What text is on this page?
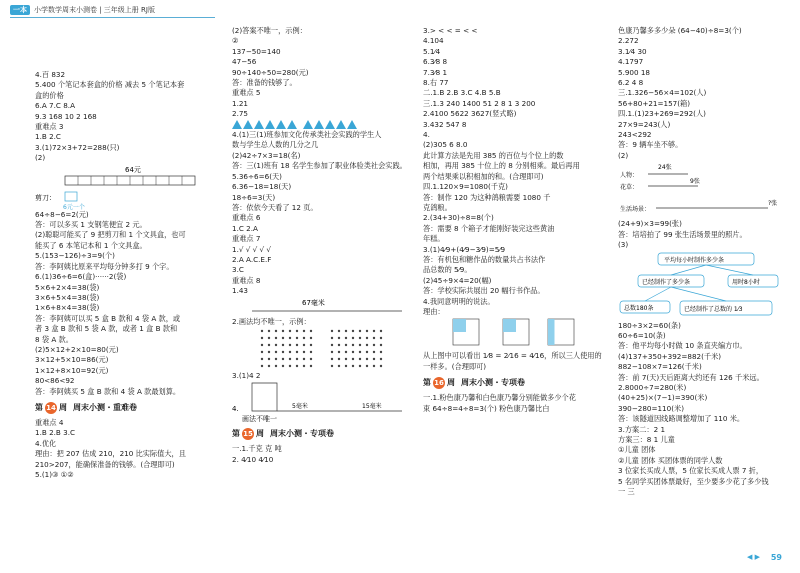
一本	小学数学周末小测卷 | 三年级上册 RJ版
4.百 832
5.400 个笔记本套盒的价格 减去 5 个笔记本套
盒的价格
6.A 7.C 8.A
9.3 168 10 2 168
重难点 3
1.B 2.C
3.(1)72×3+72=288(只)
(2)
64元
剪刀：
6元一个
64÷8−6=2(元)
答：可以多买 1 支钢笔便宜 2 元。
(2)聪聪可能买了 9 把剪刀和 1 个文具盒，也可
能买了 6 本笔记本和 1 个文具盒。
5.(153−126)÷3=9(个)
答：李阿姨比原来平均每分钟多打 9 个字。
6.(1)36÷6=6(盒)······2(袋)
5×6+2×4=38(袋)
3×6+5×4=38(袋)
1×6+8×4=38(袋)
答：李阿姨可以买 5 盒 B 款和 4 袋 A 款，或
者 3 盒 B 款和 5 袋 A 款，或者 1 盒 B 款和
8 袋 A 款。
(2)5×12+2×10=80(元)
3×12+5×10=86(元)
1×12+8×10=92(元)
80<86<92
答：李阿姨买 5 盒 B 款和 4 袋 A 款最划算。
第 14 周 周末小测・重难卷
重难点 4
1.B 2.B 3.C
4.优化
理由：把 207 估成 210，210 比实际值大，且
210>207，能确保准备的钱够。(合理即可)
5.(1)③ ①②
(2)答案不唯一，示例：
②
137−50=140
47−56
90÷140÷50=280(元)
答：准备的钱够了。
重难点 5
1.21
2.75

4.(1)三(1)班参加文化传承类社会实践的学生人
数与学生总人数的几分之几
(2)42÷7×3=18(名)
答：三(1)班有 18 名学生参加了职业体验类社会实践。
5.36÷6=6(天)
6.36−18=18(天)
18÷6=3(天)
答：依依今天看了 12 页。
重难点 6
1.C 2.A
重难点 7
1.√ √ √ √ √
2.A A.C.E.F
3.C
重难点 8
1.43
67毫米
2.画法均不唯一，示例：
3.(1)4 2
4.	5毫米	15毫米
画法不唯一
第 15 周 周末小测・专项卷
一.1.千克 克 吨
2. 4⁄10 4⁄10
3.> < < = < <
4.104
5.1⁄4
6.3⁄8 8
7.3⁄8 1
8.右 77
二.1.B 2.B 3.C 4.B 5.B
三.1.3 240 1400 51 2 8 1 3 200
2.4100 5622 3627(竖式略)
3.432 547 8
4.
(2)305 6 8.0
此计算方法是先用 385 的百位与个位上的数
相加，再用 385 十位上的 8 分别相乘。最后再用
两个结果乘以积相加的和。(合理即可)
四.1.120×9=1080(千克)
答：制作 120 为这种鸽粮需要 1080 千
克鸽粮。
2.(34+30)÷8=8(个)
答：需要 8 个箱子才能刚好装完这些黄油
年糕。
3.(1)4⁄9+(4⁄9−3⁄9)=5⁄9
答：有机包和糖作品的数量共占书法作
品总数的 5⁄9。
(2)45÷9×4=20(幅)
答：学校实际共展出 20 幅行书作品。
4.我同意明明的说法。
理由：
从上图中可以看出 1⁄8 = 2⁄16 = 4⁄16，所以三人使用的一样多。(合理即可)
第 16 周 周末小测・专项卷
一.1.粉色康乃馨和白色康乃馨分别能做多少个花
束 64÷8=4÷8=3(个) 粉色康乃馨比白
色康乃馨多多少朵 (64−40)÷8=3(个)
2.272
3.1⁄4 30
4.1797
5.900 18
6.2 4 8
三.1.326−56×4=102(人)
56+80+21=157(箱)
四.1.(1)23+269=292(人)
27×9=243(人)
243<292
答：9 辆车坐不够。
(2)
24张
人物：
花草：
9张
生活场景：
?张
(24+9)×3=99(张)
答：培培拍了 99 张生活场景里的照片。
(3)
平均每小时制作多少条
已经制作了多少条	用时8小时
总数180条	已经制作了总数的 1⁄3
180÷3×2=60(条)
60÷6=10(条)
答：他平均每小时做 10 条直夹编方巾。
(4)137+350+392=882(千米)
882−108×7=126(千米)
答：前 7(天)天后距离大约还有 126 千米远。
2.8000÷7=280(米)
(40+25)×(7−1)=390(米)
390−280=110(米)
答：该隧道因线路调整增加了 110 米。
3.方案二：2 1
方案三：8 1 儿童
①儿童 团体
②儿童 团体 买团体票的同学人数
3 位家长买成人票，5 位家长买成人票 7 折，
5 名同学买团体票最好，至少要多少花了多少钱
一 三
◀ ▶ 59
